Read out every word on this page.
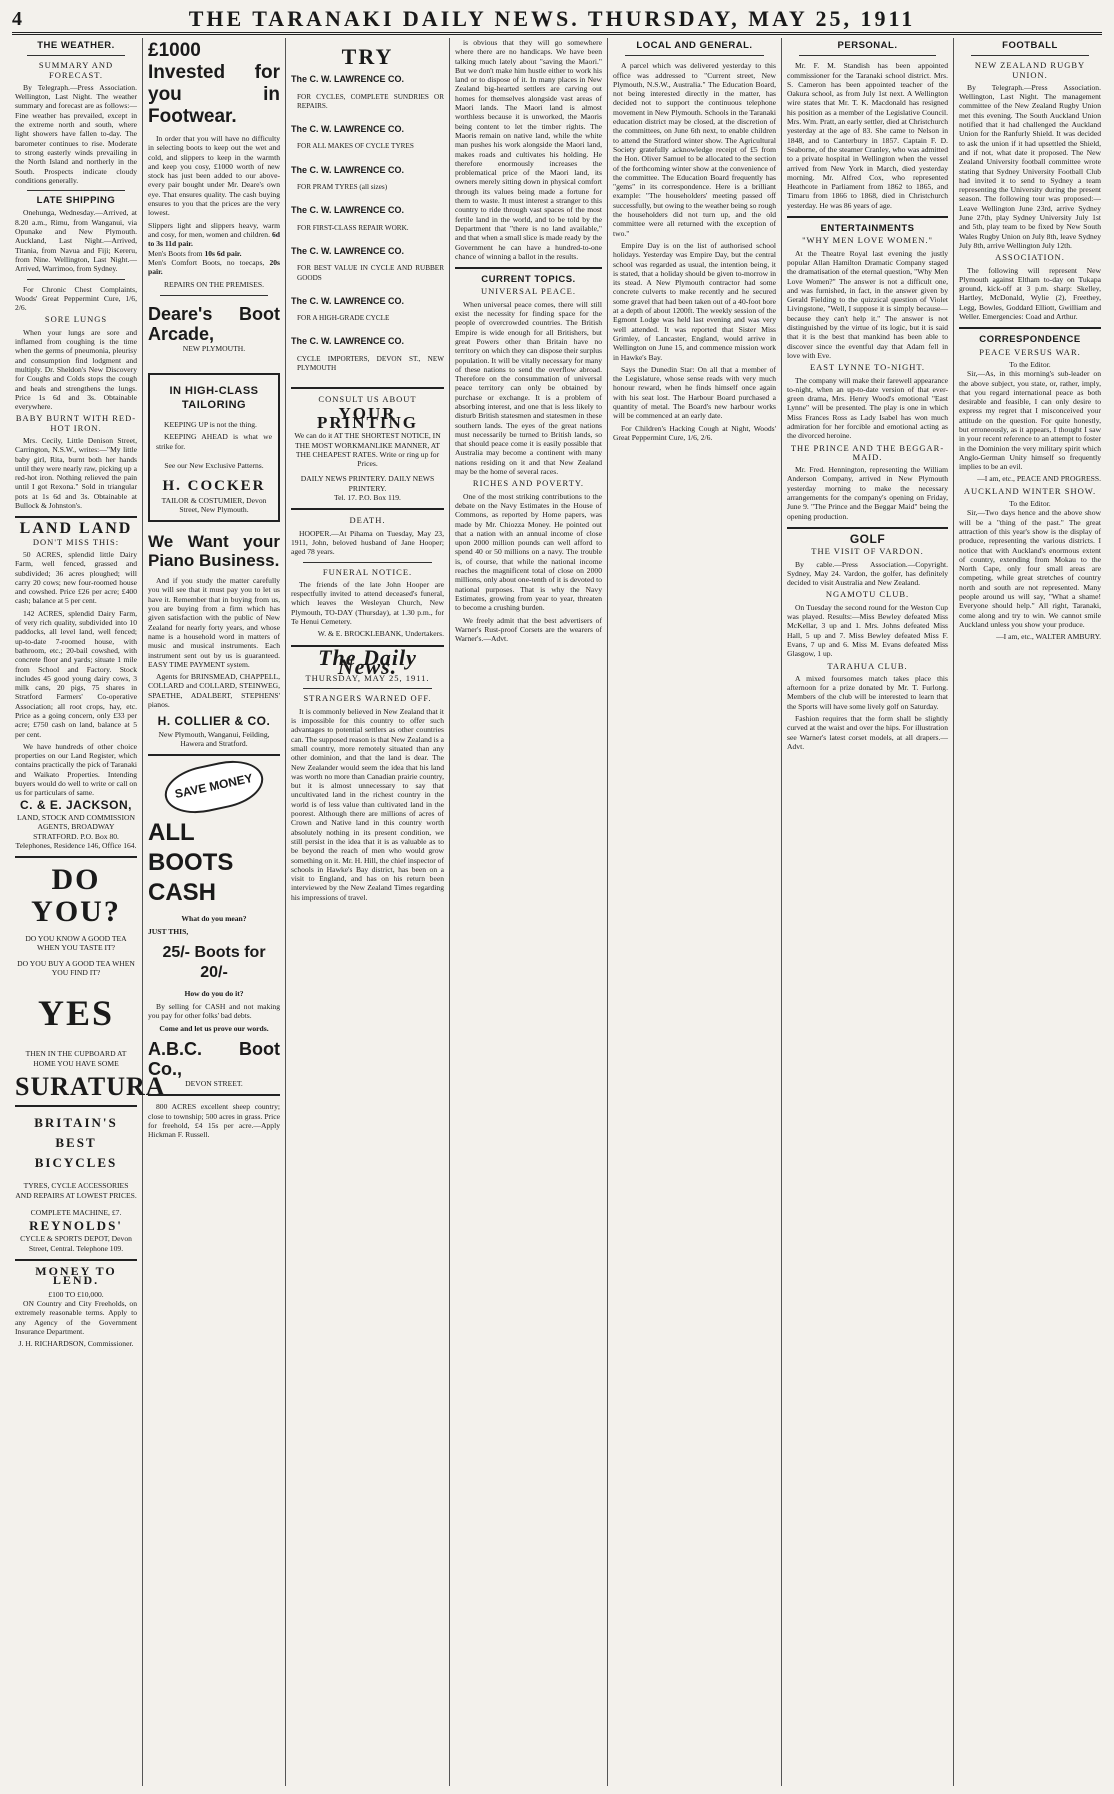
4	THE TARANAKI DAILY NEWS. THURSDAY, MAY 25, 1911
THE WEATHER.
SUMMARY AND FORECAST.

By Telegraph.—Press Association. Wellington, Last Night. The weather summary and forecast are as follows:—Fine weather has prevailed, except in the extreme north and south, where light showers have fallen to-day. The barometer continues to rise. Moderate to strong easterly winds prevailing in the North Island and northerly in the South. Prospects indicate cloudy conditions generally.

LATE SHIPPING

Onehunga, Wednesday.—Arrived, at 8.20 a.m., Rimu, from Wanganui, via Opunake and New Plymouth. Auckland, Last Night.—Arrived, Titania, from Navua and Fiji; Kereru, from Nine. Wellington, Last Night.—Arrived, Warrimoo, from Sydney.

For Chronic Chest Complaints, Woods' Great Peppermint Cure, 1/6, 2/6.

SORE LUNGS

When your lungs are sore and inflamed from coughing is the time when the germs of pneumonia, pleurisy and consumption find lodgment and multiply. Dr. Sheldon's New Discovery for Coughs and Colds stops the cough and heals and strengthens the lungs. Price 1s 6d and 3s. Obtainable everywhere.

BABY BURNT WITH RED-HOT IRON.

Mrs. Cecily, Little Denison Street, Carrington, N.S.W., writes:—"My little baby girl, Rita, burnt both her hands until they were nearly raw, picking up a red-hot iron. Nothing relieved the pain until I got Rexona." Sold in triangular pots at 1s 6d and 3s. Obtainable at Bullock & Johnston's.

LAND LAND
DON'T MISS THIS:

50 ACRES, splendid little Dairy Farm, well fenced, grassed and subdivided; 36 acres ploughed; will carry 20 cows; new four-roomed house and cowshed. Price £26 per acre; £400 cash; balance at 5 per cent.

142 ACRES, splendid Dairy Farm, of very rich quality, subdivided into 10 paddocks, all level land, well fenced; up-to-date 7-roomed house, with bathroom, etc.; 20-bail cowshed, with concrete floor and yards; situate 1 mile from School and Factory. Stock includes 45 good young dairy cows, 3 milk cans, 20 pigs, 75 shares in Stratford Farmers' Co-operative Association; all root crops, hay, etc. Price as a going concern, only £33 per acre; £750 cash on land, balance at 5 per cent.

We have hundreds of other choice properties on our Land Register, which contains practically the pick of Taranaki and Waikato Properties. Intending buyers would do well to write or call on us for particulars of same.

C. & E. JACKSON,
LAND, STOCK AND COMMISSION AGENTS, BROADWAY STRATFORD. P.O. Box 80. Telephones, Residence 146, Office 164.
DO YOU?
DO YOU KNOW A GOOD TEA WHEN YOU TASTE IT?
DO YOU BUY A GOOD TEA WHEN YOU FIND IT?
YES
THEN IN THE CUPBOARD AT HOME YOU HAVE SOME
SURATURA
BRITAIN'S BEST BICYCLES
TYRES, CYCLE ACCESSORIES AND REPAIRS AT LOWEST PRICES.
COMPLETE MACHINE, £7.
REYNOLDS'
CYCLE & SPORTS DEPOT, Devon Street, Central. Telephone 109.
MONEY TO LEND.
£100 TO £10,000.

ON Country and City Freeholds, on extremely reasonable terms. Apply to any Agency of the Government Insurance Department.

J. H. RICHARDSON, Commissioner.
£1000 Invested for you in Footwear.

In order that you will have no difficulty in selecting boots to keep out the wet and cold, and slippers to keep in the warmth and keep you cosy, £1000 worth of new stock has just been added to our above-every pair bought under Mr. Deare's own eye. That ensures quality. The cash buying ensures to you that the prices are the very lowest.

Slippers light and slippers heavy, warm and cosy, for men, women and children. 6d to 3s 11d pair.
Men's Boots from 10s 6d pair.
Men's Comfort Boots, no toecaps, 20s pair.
REPAIRS ON THE PREMISES.
Deare's Boot Arcade,
NEW PLYMOUTH.
IN HIGH-CLASS TAILORING

KEEPING UP is not the thing.

KEEPING AHEAD is what we strike for.

See our New Exclusive Patterns.
H. COCKER
TAILOR & COSTUMIER, Devon Street, New Plymouth.
We Want your Piano Business.

And if you study the matter carefully you will see that it must pay you to let us have it. Remember that in buying from us, you are buying from a firm which has given satisfaction with the public of New Zealand for nearly forty years, and whose name is a household word in matters of music and musical instruments. Each instrument sent out by us is guaranteed. EASY TIME PAYMENT system.

Agents for BRINSMEAD, CHAPPELL, COLLARD and COLLARD, STEINWEG, SPAETHE, ADALBERT, STEPHENS' pianos.

H. COLLIER & CO.
New Plymouth, Wanganui, Feilding, Hawera and Stratford.
SAVE MONEY
ALL BOOTS CASH
What do you mean?
JUST THIS,
25/- Boots for 20/-
How do you do it?

By selling for CASH and not making you pay for other folks' bad debts.

Come and let us prove our words.
A.B.C. Boot Co.,
DEVON STREET.

800 ACRES excellent sheep country; close to township; 500 acres in grass. Price for freehold, £4 15s per acre.—Apply Hickman F. Russell.

TRY
The C. W. LAWRENCE CO.
FOR CYCLES, COMPLETE SUNDRIES OR REPAIRS.
The C. W. LAWRENCE CO.
FOR ALL MAKES OF CYCLE TYRES
The C. W. LAWRENCE CO.
FOR PRAM TYRES (all sizes)
The C. W. LAWRENCE CO.
FOR FIRST-CLASS REPAIR WORK.
The C. W. LAWRENCE CO.
FOR BEST VALUE IN CYCLE AND RUBBER GOODS
The C. W. LAWRENCE CO.
FOR A HIGH-GRADE CYCLE
The C. W. LAWRENCE CO.
CYCLE IMPORTERS, DEVON ST., NEW PLYMOUTH
CONSULT US ABOUT
YOUR PRINTING
We can do it AT THE SHORTEST NOTICE, IN THE MOST WORKMANLIKE MANNER, AT THE CHEAPEST RATES. Write or ring up for Prices.
DAILY NEWS PRINTERY. DAILY NEWS PRINTERY.
Tel. 17. P.O. Box 119.
DEATH.

HOOPER.—At Pihama on Tuesday, May 23, 1911, John, beloved husband of Jane Hooper; aged 78 years.

FUNERAL NOTICE.

The friends of the late John Hooper are respectfully invited to attend deceased's funeral, which leaves the Wesleyan Church, New Plymouth, TO-DAY (Thursday), at 1.30 p.m., for Te Henui Cemetery.

W. & E. BROCKLEBANK, Undertakers.
The Daily News.
THURSDAY, MAY 25, 1911.
STRANGERS WARNED OFF.

It is commonly believed in New Zealand that it is impossible for this country to offer such advantages to potential settlers as other countries can. The supposed reason is that New Zealand is a small country, more remotely situated than any other dominion, and that the land is dear. The New Zealander would seem the idea that his land was worth no more than Canadian prairie country, but it is almost unnecessary to say that uncultivated land in the richest country in the world is of less value than cultivated land in the poorest. Although there are millions of acres of Crown and Native land in this country worth absolutely nothing in its present condition, we still persist in the idea that it is as valuable as to be beyond the reach of men who would grow something on it. Mr. H. Hill, the chief inspector of schools in Hawke's Bay district, has been on a visit to England, and has on his return been interviewed by the New Zealand Times regarding his impressions of travel.

is obvious that they will go somewhere where there are no handicaps. We have been talking much lately about "saving the Maori." But we don't make him hustle either to work his land or to dispose of it. In many places in New Zealand big-hearted settlers are carving out homes for themselves alongside vast areas of Maori lands. The Maori land is almost worthless because it is unworked, the Maoris being content to let the timber rights. The Maoris remain on native land, while the white man pushes his work alongside the Maori land, makes roads and cultivates his holding. He therefore enormously increases the problematical price of the Maori land, its owners merely sitting down in physical comfort through its values being made a fortune for them to waste. It must interest a stranger to this country to ride through vast spaces of the most fertile land in the world, and to be told by the Department that "there is no land available," and that when a small slice is made ready by the Government he can have a hundred-to-one chance of winning a ballot in the results.

CURRENT TOPICS.
UNIVERSAL PEACE.

When universal peace comes, there will still exist the necessity for finding space for the people of overcrowded countries. The British Empire is wide enough for all Britishers, but great Powers other than Britain have no territory on which they can dispose their surplus population. It will be vitally necessary for many of these nations to send the overflow abroad. Therefore on the consummation of universal peace territory can only be obtained by purchase or exchange. It is a problem of absorbing interest, and one that is less likely to disturb British statesmen and statesmen in these southern lands. The eyes of the great nations must necessarily be turned to British lands, so that should peace come it is easily possible that Australia may become a continent with many nations residing on it and that New Zealand may be the home of several races.

RICHES AND POVERTY.

One of the most striking contributions to the debate on the Navy Estimates in the House of Commons, as reported by Home papers, was made by Mr. Chiozza Money. He pointed out that a nation with an annual income of close upon 2000 million pounds can well afford to spend 40 or 50 millions on a navy. The trouble is, of course, that while the national income reaches the magnificent total of close on 2000 millions, only about one-tenth of it is devoted to national purposes. That is why the Navy Estimates, growing from year to year, threaten to become a crushing burden.

We freely admit that the best advertisers of Warner's Rust-proof Corsets are the wearers of Warner's.—Advt.

LOCAL AND GENERAL.

A parcel which was delivered yesterday to this office was addressed to "Current street, New Plymouth, N.S.W., Australia." The Education Board, not being interested directly in the matter, has decided not to support the continuous telephone movement in New Plymouth. Schools in the Taranaki education district may be closed, at the discretion of the committees, on June 6th next, to enable children to attend the Stratford winter show. The Agricultural Society gratefully acknowledge receipt of £5 from the Hon. Oliver Samuel to be allocated to the section of the forthcoming winter show at the convenience of the committee. The Education Board frequently has "gems" in its correspondence. Here is a brilliant example: "The householders' meeting passed off successfully, but owing to the weather being so rough the householders did not turn up, and the old committee were all returned with the exception of two."

Empire Day is on the list of authorised school holidays. Yesterday was Empire Day, but the central school was regarded as usual, the intention being, it is stated, that a holiday should be given to-morrow in its stead. A New Plymouth contractor had some concrete culverts to make recently and he secured some gravel that had been taken out of a 40-foot bore at a depth of about 1200ft. The weekly session of the Egmont Lodge was held last evening and was very well attended. It was reported that Sister Miss Grimley, of Lancaster, England, would arrive in Wellington on June 15, and commence mission work in Hawke's Bay.

Says the Dunedin Star: On all that a member of the Legislature, whose sense reads with very much honour reward, when he finds himself once again with his seat lost. The Harbour Board purchased a quantity of metal. The Board's new harbour works will be commenced at an early date.

For Children's Hacking Cough at Night, Woods' Great Peppermint Cure, 1/6, 2/6.

PERSONAL.

Mr. F. M. Standish has been appointed commissioner for the Taranaki school district. Mrs. S. Cameron has been appointed teacher of the Oakura school, as from July 1st next. A Wellington wire states that Mr. T. K. Macdonald has resigned his position as a member of the Legislative Council. Mrs. Wm. Pratt, an early settler, died at Christchurch yesterday at the age of 83. She came to Nelson in 1848, and to Canterbury in 1857. Captain F. D. Seaborne, of the steamer Cranley, who was admitted to a private hospital in Wellington when the vessel arrived from New York in March, died yesterday morning. Mr. Alfred Cox, who represented Heathcote in Parliament from 1862 to 1865, and Timaru from 1866 to 1868, died in Christchurch yesterday. He was 86 years of age.

ENTERTAINMENTS
"WHY MEN LOVE WOMEN."

At the Theatre Royal last evening the justly popular Allan Hamilton Dramatic Company staged the dramatisation of the eternal question, "Why Men Love Women?" The answer is not a difficult one, and was furnished, in fact, in the answer given by Gerald Fielding to the quizzical question of Violet Livingstone, "Well, I suppose it is simply because—because they can't help it." The answer is not distinguished by the virtue of its logic, but it is said that it is the best that mankind has been able to discover since the eventful day that Adam fell in love with Eve.

EAST LYNNE TO-NIGHT.

The company will make their farewell appearance to-night, when an up-to-date version of that ever-green drama, Mrs. Henry Wood's emotional "East Lynne" will be presented. The play is one in which Miss Frances Ross as Lady Isabel has won much admiration for her forcible and emotional acting as the divorced heroine.

THE PRINCE AND THE BEGGAR-MAID.

Mr. Fred. Hennington, representing the William Anderson Company, arrived in New Plymouth yesterday morning to make the necessary arrangements for the company's opening on Friday, June 9. "The Prince and the Beggar Maid" being the opening production.

GOLF
THE VISIT OF VARDON.

By cable.—Press Association.—Copyright. Sydney, May 24. Vardon, the golfer, has definitely decided to visit Australia and New Zealand.

NGAMOTU CLUB.

On Tuesday the second round for the Weston Cup was played. Results:—Miss Bewley defeated Miss McKellar, 3 up and 1. Mrs. Johns defeated Miss Hall, 5 up and 7. Miss Bewley defeated Miss F. Evans, 7 up and 6. Miss M. Evans defeated Miss Glasgow, 1 up.

TARAHUA CLUB.

A mixed foursomes match takes place this afternoon for a prize donated by Mr. T. Furlong. Members of the club will be interested to learn that the Sports will have some lively golf on Saturday.

Fashion requires that the form shall be slightly curved at the waist and over the hips. For illustration see Warner's latest corset models, at all drapers.—Advt.

FOOTBALL
NEW ZEALAND RUGBY UNION.

By Telegraph.—Press Association. Wellington, Last Night. The management committee of the New Zealand Rugby Union met this evening. The South Auckland Union notified that it had challenged the Auckland Union for the Ranfurly Shield. It was decided to ask the union if it had upsettled the Shield, and if not, what date it proposed. The New Zealand University football committee wrote stating that Sydney University Football Club had invited it to send to Sydney a team representing the University during the present season. The following tour was proposed:—Leave Wellington June 23rd, arrive Sydney June 27th, play Sydney University July 1st and 5th, play team to be fixed by New South Wales Rugby Union on July 8th, leave Sydney July 8th, arrive Wellington July 12th.

ASSOCIATION.

The following will represent New Plymouth against Eltham to-day on Tukapa ground, kick-off at 3 p.m. sharp: Skelley, Hartley, McDonald, Wylie (2), Freethey, Legg, Bowles, Goddard Elliott, Gwilliam and Weller. Emergencies: Coad and Arthur.

CORRESPONDENCE
PEACE VERSUS WAR.
To the Editor.

Sir,—As, in this morning's sub-leader on the above subject, you state, or, rather, imply, that you regard international peace as both desirable and feasible, I can only desire to express my regret that I misconceived your attitude on the question. For quite honestly, but erroneously, as it appears, I thought I saw in your recent reference to an attempt to foster in the Dominion the very military spirit which Anglo-German Unity himself so frequently implies to be an evil.

—I am, etc., PEACE AND PROGRESS.
AUCKLAND WINTER SHOW.
To the Editor.

Sir,—Two days hence and the above show will be a "thing of the past." The great attraction of this year's show is the display of produce, representing the various districts. I notice that with Auckland's enormous extent of country, extending from Mokau to the North Cape, only four small areas are competing, while great stretches of country north and south are not represented. Many people around us will say, "What a shame! Everyone should help." All right, Taranaki, come along and try to win. We cannot smile Auckland unless you show your produce.

—I am, etc., WALTER AMBURY.
